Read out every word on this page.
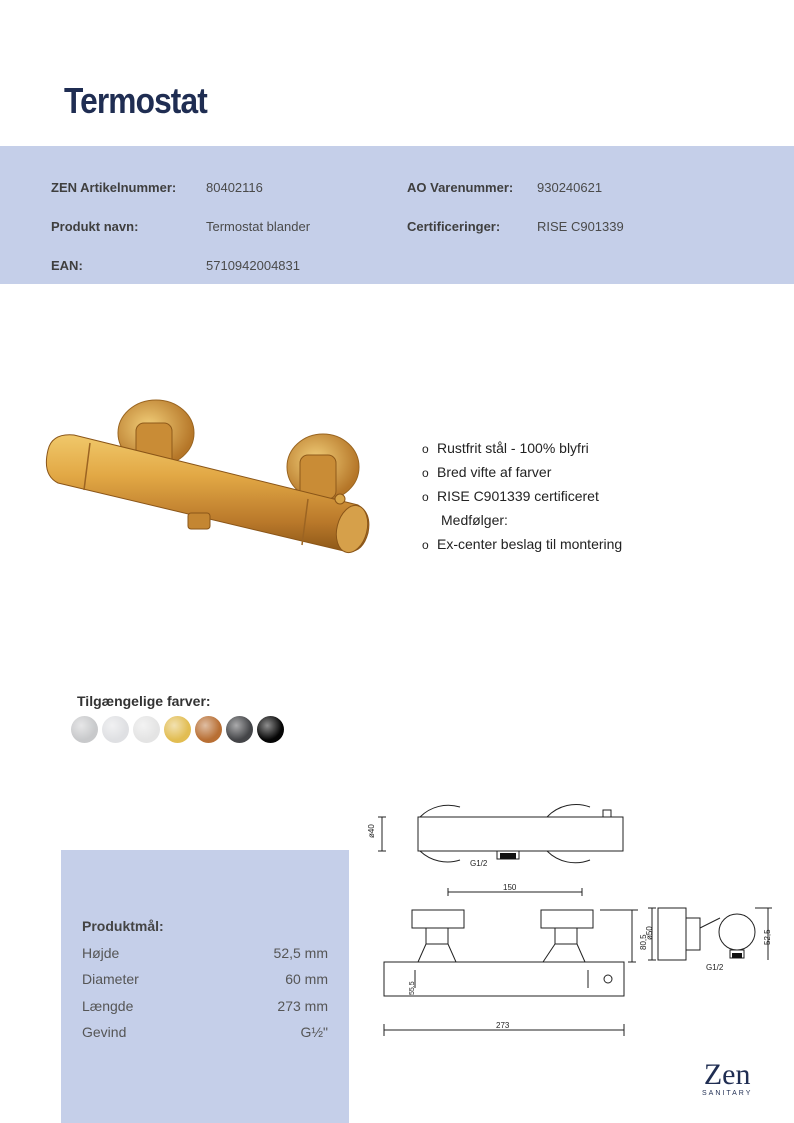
Termostat
ZEN Artikelnummer: 80402116	AO Varenummer: 930240621
Produkt navn:	Termostat blander	Certificeringer:	RISE C901339
EAN:	5710942004831
o Rustfrit stål - 100% blyfri
o Bred vifte af farver
o RISE C901339 certificeret
Medfølger:
o Ex-center beslag til montering
Tilgængelige farver:
Produktmål:
Højde	52,5 mm
Diameter	60 mm
Længde	273 mm
Gevind	G½"
ø40
G1/2
150
80,5
55.5
273
ø50	52,5
G1/2
Zen
SANITARY
